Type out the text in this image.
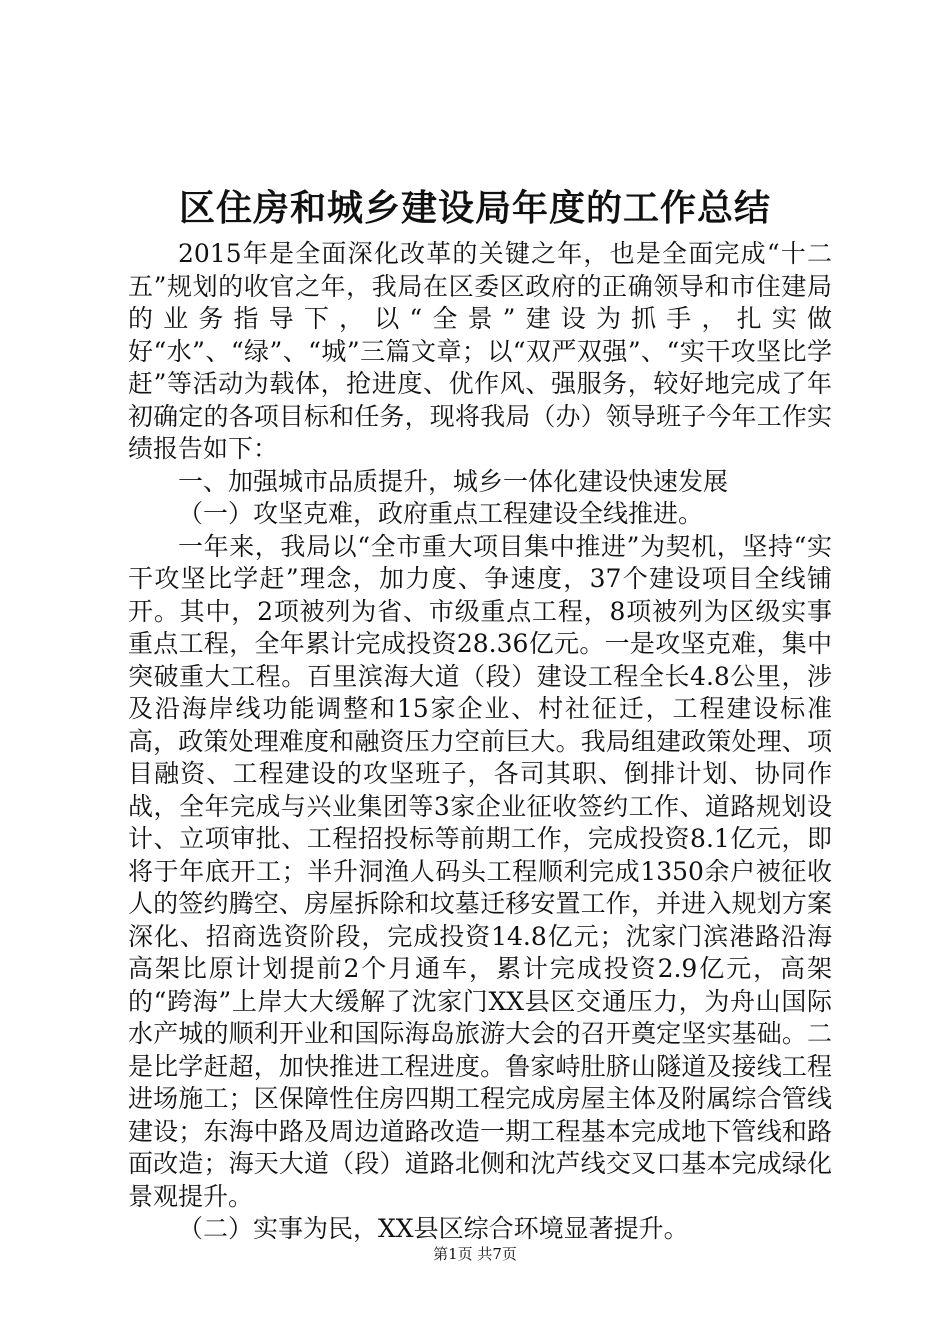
区住房和城乡建设局年度的工作总结

2015年是全面深化改革的关键之年，也是全面完成“十二五”规划的收官之年，我局在区委区政府的正确领导和市住建局的业务指导下，以“全景”建设为抓手，扎实做好“水”、“绿”、“城”三篇文章；以“双严双强”、“实干攻坚比学赶”等活动为载体，抢进度、优作风、强服务，较好地完成了年初确定的各项目标和任务，现将我局（办）领导班子今年工作实绩报告如下：

一、加强城市品质提升，城乡一体化建设快速发展

（一）攻坚克难，政府重点工程建设全线推进。

一年来，我局以“全市重大项目集中推进”为契机，坚持“实干攻坚比学赶”理念，加力度、争速度，37个建设项目全线铺开。其中，2项被列为省、市级重点工程，8项被列为区级实事重点工程，全年累计完成投资28.36亿元。一是攻坚克难，集中突破重大工程。百里滨海大道（段）建设工程全长4.8公里，涉及沿海岸线功能调整和15家企业、村社征迁，工程建设标准高，政策处理难度和融资压力空前巨大。我局组建政策处理、项目融资、工程建设的攻坚班子，各司其职、倒排计划、协同作战，全年完成与兴业集团等3家企业征收签约工作、道路规划设计、立项审批、工程招投标等前期工作，完成投资8.1亿元，即将于年底开工；半升洞渔人码头工程顺利完成1350余户被征收人的签约腾空、房屋拆除和坟墓迁移安置工作，并进入规划方案深化、招商选资阶段，完成投资14.8亿元；沈家门滨港路沿海高架比原计划提前2个月通车，累计完成投资2.9亿元，高架的“跨海”上岸大大缓解了沈家门XX县区交通压力，为舟山国际水产城的顺利开业和国际海岛旅游大会的召开奠定坚实基础。二是比学赶超，加快推进工程进度。鲁家峙肚脐山隧道及接线工程进场施工；区保障性住房四期工程完成房屋主体及附属综合管线建设；东海中路及周边道路改造一期工程基本完成地下管线和路面改造；海天大道（段）道路北侧和沈芦线交叉口基本完成绿化景观提升。

（二）实事为民，XX县区综合环境显著提升。

第1页 共7页
